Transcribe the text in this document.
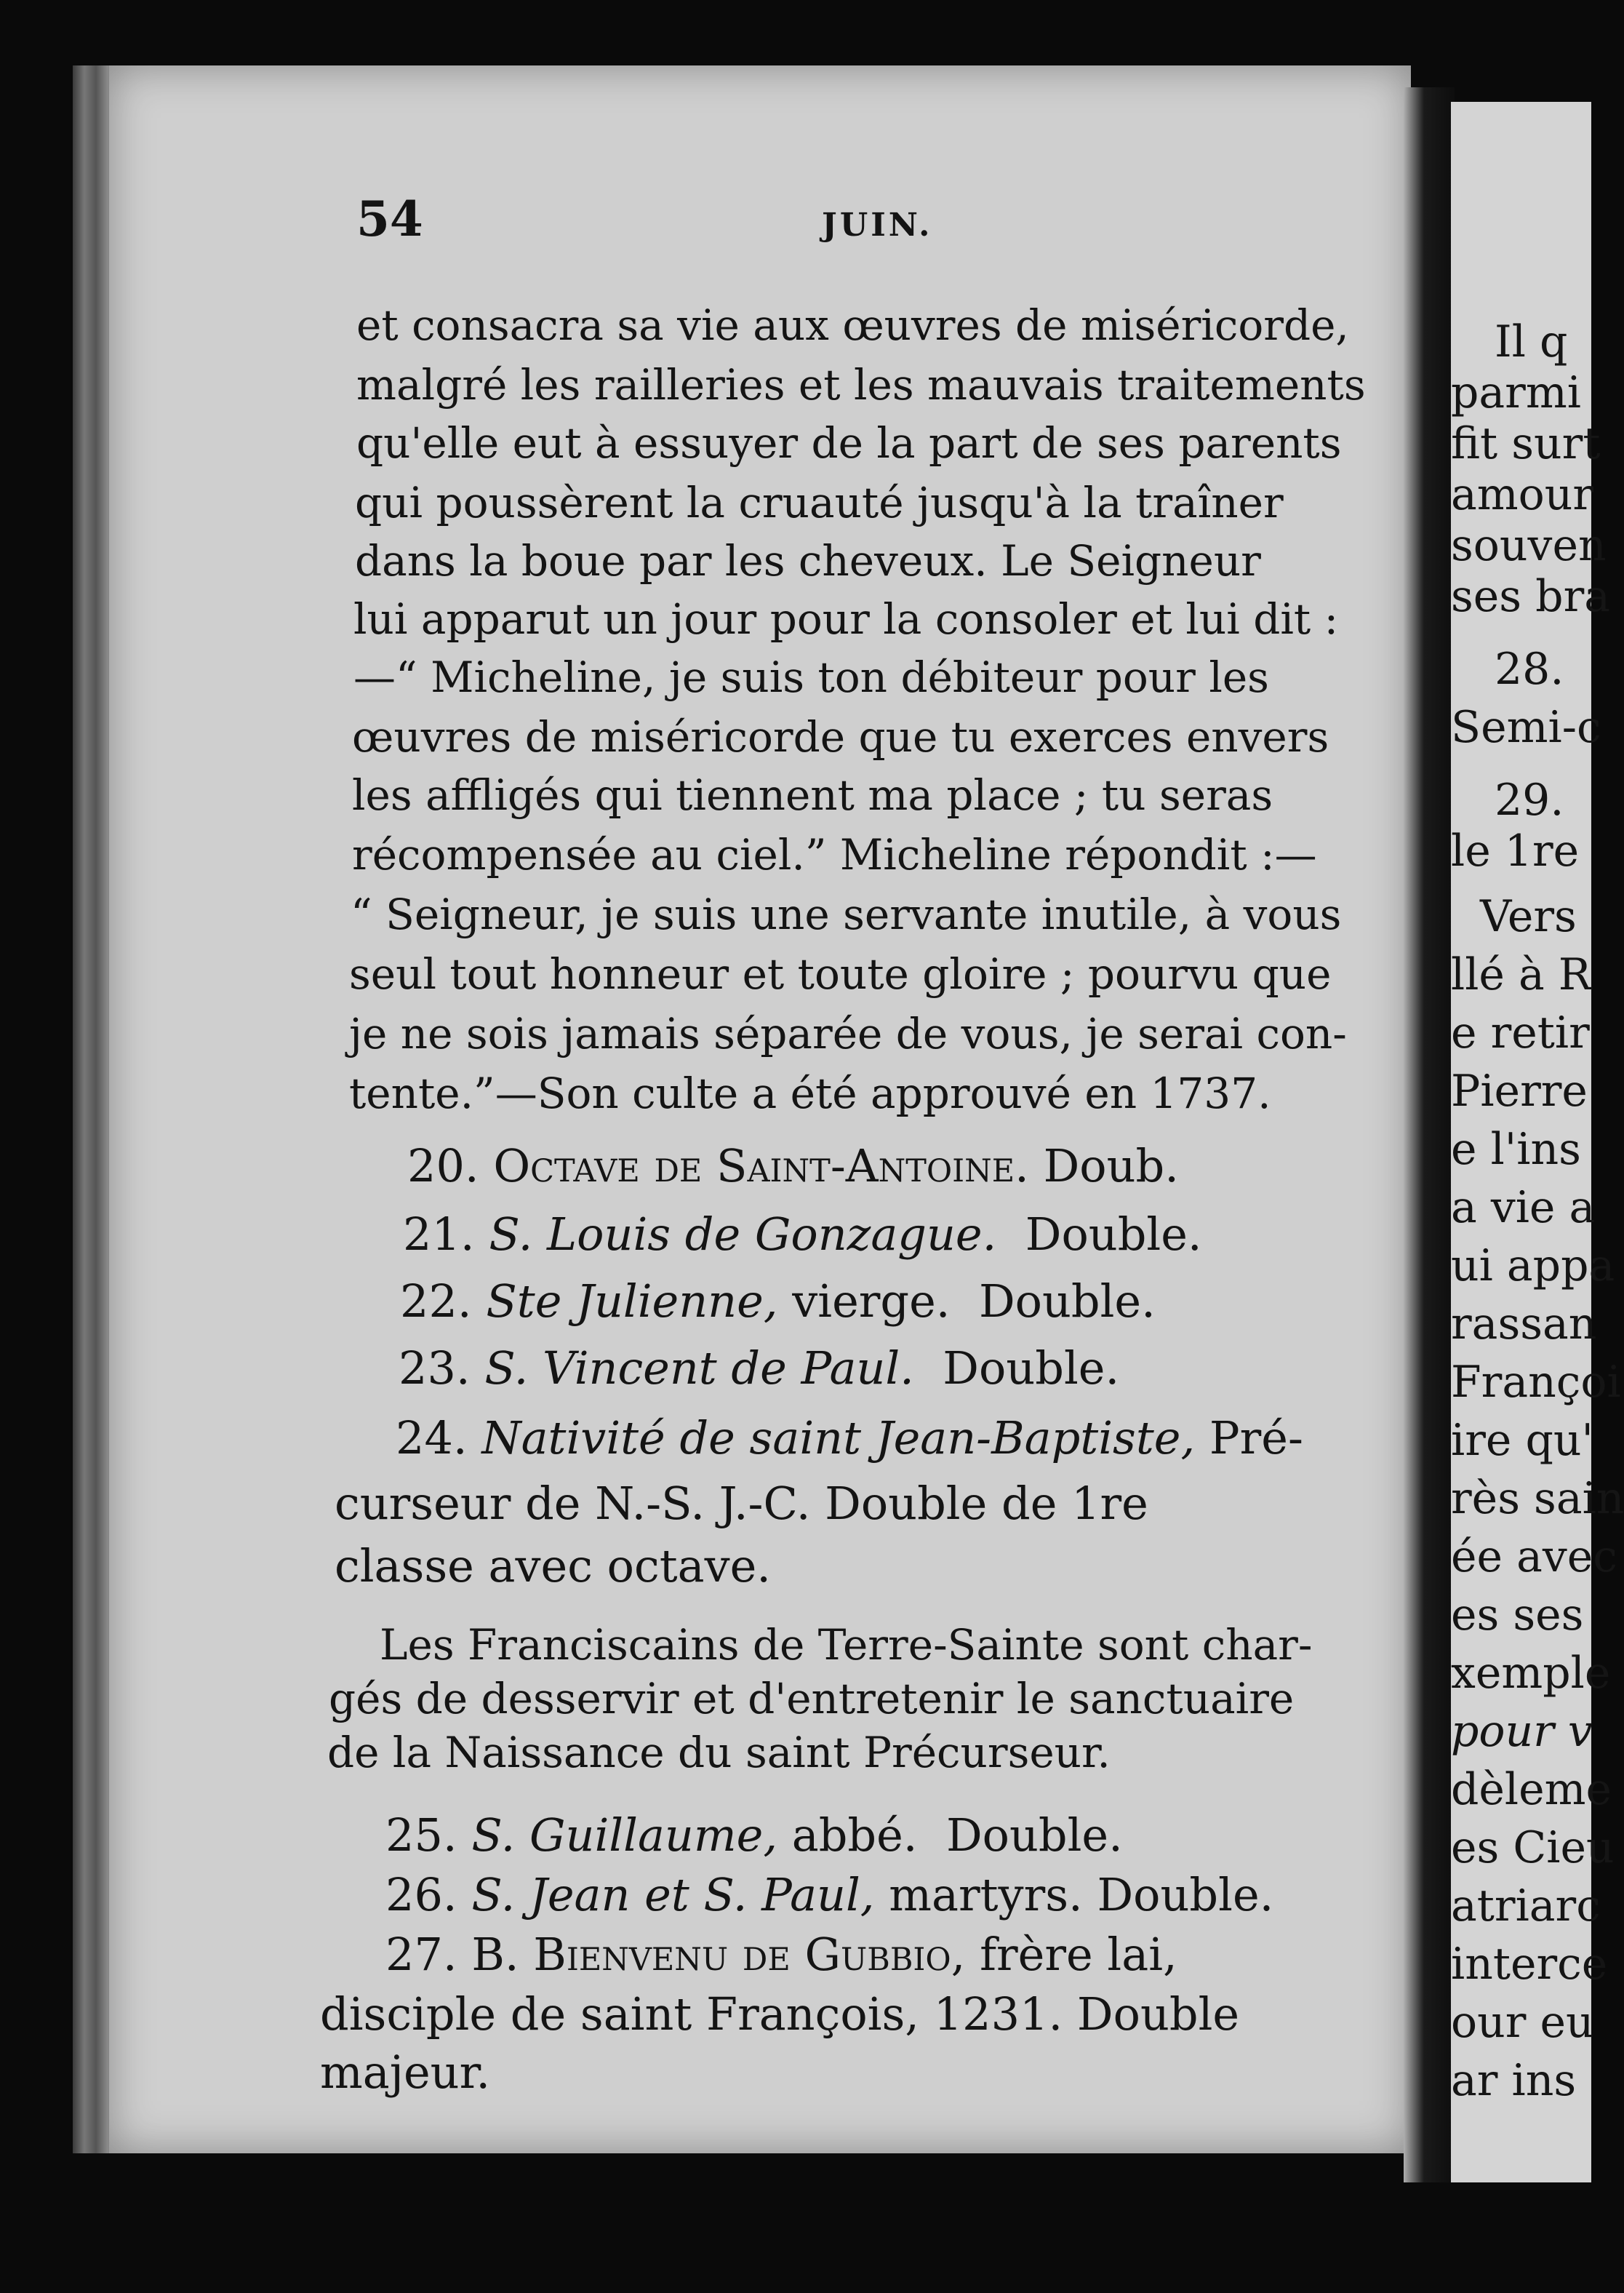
54	JUIN.
et consacra sa vie aux œuvres de miséricorde,
malgré les railleries et les mauvais traitements
qu'elle eut à essuyer de la part de ses parents
qui poussèrent la cruauté jusqu'à la traîner
dans la boue par les cheveux. Le Seigneur
lui apparut un jour pour la consoler et lui dit :
—“ Micheline, je suis ton débiteur pour les
œuvres de miséricorde que tu exerces envers
les affligés qui tiennent ma place ; tu seras
récompensée au ciel.” Micheline répondit :—
“ Seigneur, je suis une servante inutile, à vous
seul tout honneur et toute gloire ; pourvu que
je ne sois jamais séparée de vous, je serai con-
tente.”—Son culte a été approuvé en 1737.
20. Octave de Saint-Antoine. Doub.
21. S. Louis de Gonzague. Double.
22. Ste Julienne, vierge. Double.
23. S. Vincent de Paul. Double.
24. Nativité de saint Jean-Baptiste, Pré-
curseur de N.-S. J.-C. Double de 1re
classe avec octave.
Les Franciscains de Terre-Sainte sont char-
gés de desservir et d'entretenir le sanctuaire
de la Naissance du saint Précurseur.
25. S. Guillaume, abbé. Double.
26. S. Jean et S. Paul, martyrs. Double.
27. B. Bienvenu de Gubbio, frère lai,
disciple de saint François, 1231. Double
majeur.
Il q
parmi
fit surt
amour
souven
ses bra
28.
Semi-c
29.
le 1re
Vers
llé à R
e retir
Pierre
e l'ins
a vie a
ui appa
rassan
Françoi
ire qu'
rès sain
ée avec
es ses
xemple
pour v
dèleme
es Cieu
atriarc
interce
our eu
ar ins
